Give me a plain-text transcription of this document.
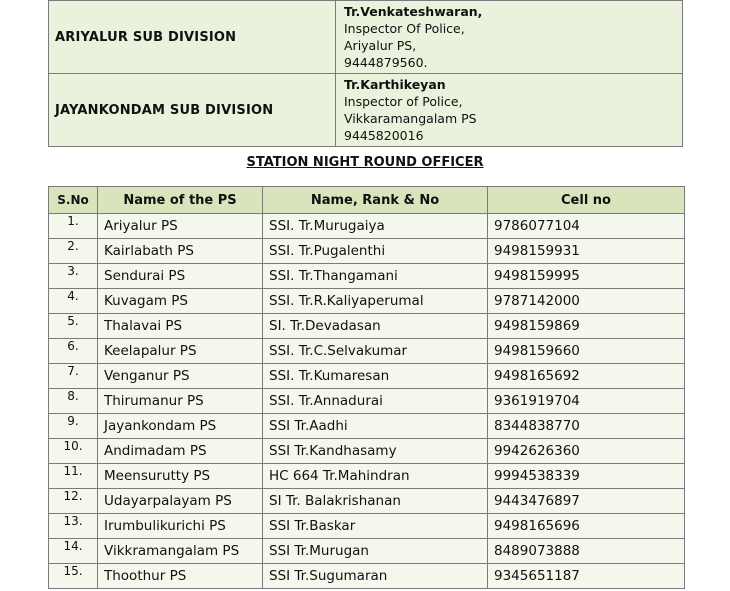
ARIYALUR SUB DIVISION	Tr.Venkateshwaran,
Inspector Of Police,
Ariyalur PS,
9444879560.

JAYANKONDAM SUB DIVISION	Tr.Karthikeyan
Inspector of Police,
Vikkaramangalam PS
9445820016
STATION NIGHT ROUND OFFICER
S.No	Name of the PS	Name, Rank & No	Cell no
1.	Ariyalur PS	SSI. Tr.Murugaiya	9786077104
2.	Kairlabath PS	SSI. Tr.Pugalenthi	9498159931
3.	Sendurai PS	SSI. Tr.Thangamani	9498159995
4.	Kuvagam PS	SSI. Tr.R.Kaliyaperumal	9787142000
5.	Thalavai PS	SI. Tr.Devadasan	9498159869
6.	Keelapalur PS	SSI. Tr.C.Selvakumar	9498159660
7.	Venganur PS	SSI. Tr.Kumaresan	9498165692
8.	Thirumanur PS	SSI. Tr.Annadurai	9361919704
9.	Jayankondam PS	SSI Tr.Aadhi	8344838770
10.	Andimadam PS	SSI Tr.Kandhasamy	9942626360
11.	Meensurutty PS	HC 664 Tr.Mahindran	9994538339
12.	Udayarpalayam PS	SI Tr. Balakrishanan	9443476897
13.	Irumbulikurichi PS	SSI Tr.Baskar	9498165696
14.	Vikkramangalam PS	SSI Tr.Murugan	8489073888
15.	Thoothur PS	SSI Tr.Sugumaran	9345651187
